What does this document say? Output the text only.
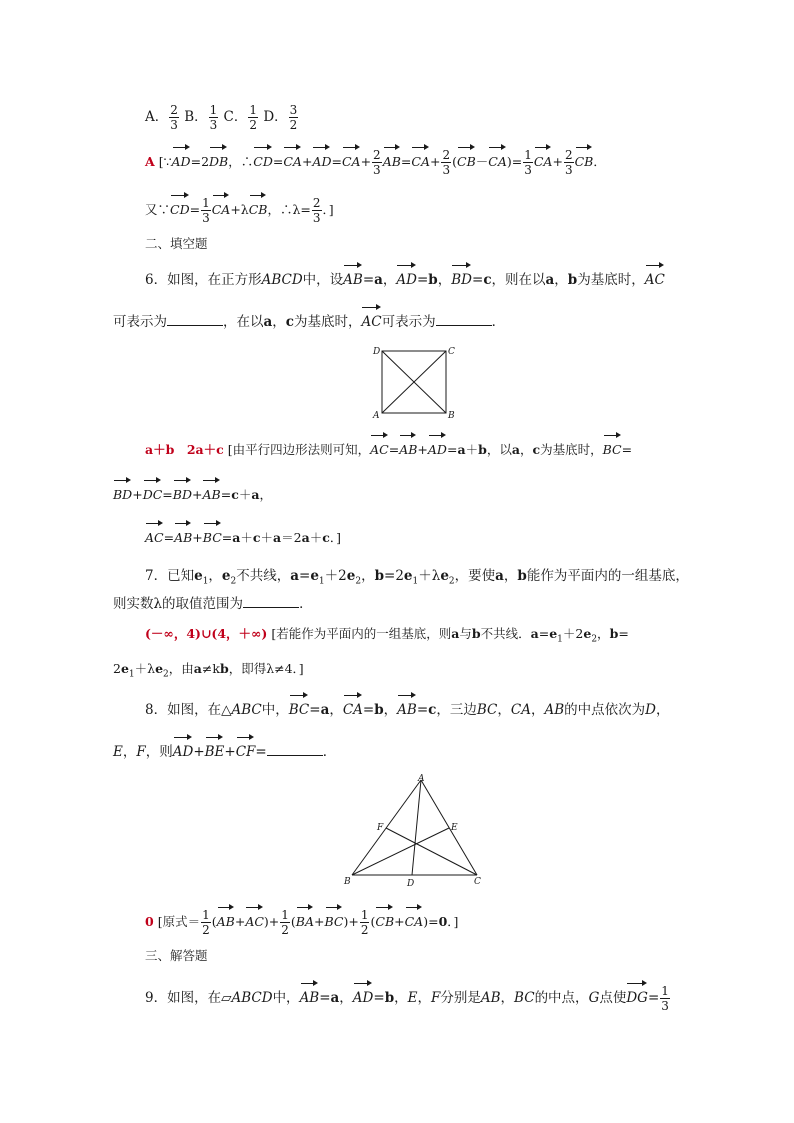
A． $\frac{2}{3}$ B． $\frac{1}{3}$ C． $\frac{1}{2}$ D． $\frac{3}{2}$
A [∵AD=2DB，∴CD=CA+AD=CA+ $\frac{2}{3} AB=CA+ \frac{2}{3} (CB-CA)= \frac{1}{3} CA+ \frac{2}{3}$ CB．
又∵CD= $\frac{1}{3} CA+\lambda CB$，∴λ= $\frac{2}{3}$ ．]
二、填空题
6．如图，在正方形ABCD中，设AB=a，AD=b，BD=c，则在以a，b为基底时，AC
可表示为	，在以a，c为基底时，AC可表示为	．
D	C
A	B
a＋b　2a＋c [由平行四边形法则可知，AC=AB+AD=a＋b，以a，c为基底时，BC=
BD+DC=BD+AB=c＋a，
AC=AB+BC=a＋c＋a＝2a＋c．]
7．已知$e_1$，$e_2$不共线，$a=e_1+2e_2$，$b=2e_1+\lambda e_2$，要使a，b能作为平面内的一组基底，
则实数λ的取值范围为	．
(－∞，4)∪(4，＋∞) [若能作为平面内的一组基底，则a与b不共线．$a=e_1+2e_2$，b=
$2e_1+\lambda e_2$，由a≠kb，即得λ≠4．]
8．如图，在△ABC中，BC=a，CA=b，AB=c，三边BC，CA，AB的中点依次为D，
E，F，则AD+BE+CF=	．
A
B	C
D
E
F
0 [原式＝ $\frac{1}{2} (AB+AC)+ \frac{1}{2} (BA+BC)+ \frac{1}{2} (CB+CA)=0$．]
三、解答题
9．如图，在▱ABCD中，AB=a，AD=b，E，F分别是AB，BC的中点，G点使$DG= \frac{1}{3}$
